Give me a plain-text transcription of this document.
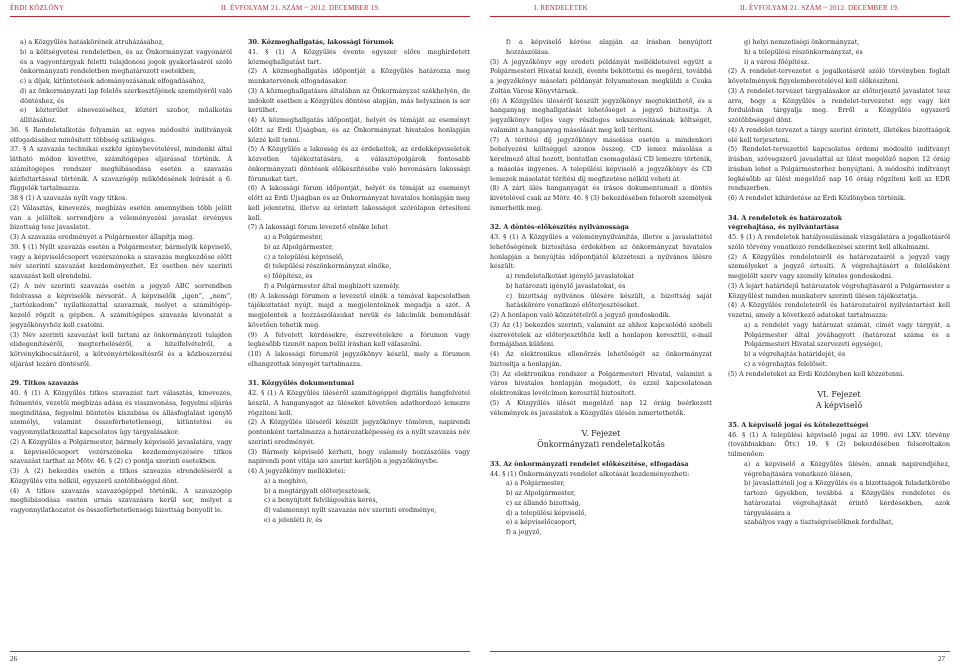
ÉRDI KÖZLÖNY	II. ÉVFOLYAM 21. SZÁM ~ 2012. DECEMBER 19.

a) a Közgyűlés hatáskörének átruházásához,

b) a költségvetési rendeletben, és az Önkormányzat vagyonáról és a vagyontárgyak feletti tulajdonosi jogok gyakorlásáról szóló önkormányzati rendeletben meghatározott esetekben,

c) a díjak, kitüntetések adományozásának elfogadásához,

d) az önkormányzati lap felelős szerkesztőjének személyéről való döntéshez, és

e) közterület elnevezéséhez, köztéri szobor, műalkotás állításához.

36. § Rendeletalkotás folyamán az egyes módosító indítványok elfogadásához minősített többség szükséges.

37. § A szavazás technikai eszköz igénybevételével, mindenki által látható módon kivetítve, számítógépes eljárással történik. A számítógépes rendszer meghibásodása esetén a szavazás kézfeltartással történik. A szavazógép működésének leírását a 6. függelék tartalmazza.

38 § (1) A szavazás nyílt vagy titkos.

(2) Választás, kinevezés, megbízás esetén amennyiben több jelölt van a jelöltek sorrendjére a véleményezési javaslat érvényes bizottság tesz javaslatot.

(3) A szavazás eredményét a Polgármester állapítja meg.

39. § (1) Nyílt szavazás esetén a Polgármester, bármelyik képviselő, vagy a képviselőcsoport vezérszónoka a szavazás megkezdése előtt név szerinti szavazást kezdeményezhet. Ez esetben név szerinti szavazást kell elrendelni.

(2) A név szerinti szavazás esetén a jegyző ABC sorrendben felolvassa a képviselők névsorát. A képviselők „igen”, „nem”, „tartózkodom” nyilatkozattal szavaznak, melyet a számítógép-kezelő rögzít a gépben. A számítógépes szavazás kivonatát a jegyzőkönyvhöz kell csatolni.

(3) Név szerinti szavazást kell tartani az önkormányzati tulajdon elidegenítéséről, megterheléséről, a hitelfelvételről, a kötvénykibocsátásról, a kötvényértékesítésről és a közbeszerzési eljárást lezáró döntésről.

29. Titkos szavazás

40. § (1) A Közgyűlés titkos szavazást tart választás, kinevezés, felmentés, vezetői megbízás adása és visszavonása, fegyelmi eljárás megindítása, fegyelmi büntetés kiszabása és állásfoglalást igénylő személyi, valamint összeférhetetlenségi, kitüntetési és vagyonnyilatkozattal kapcsolatos ügy tárgyalásakor.

(2) A Közgyűlés a Polgármester, bármely képviselő javaslatára, vagy a képviselőcsoport vezérszónoka kezdeményezésére titkos szavazást tarthat az Mötv. 46. § (2) c) pontja szerinti esetekben.

(3) A (2) bekezdés esetén a titkos szavazás elrendeléséről a Közgyűlés vita nélkül, egyszerű szótöbbséggel dönt.

(4) A titkos szavazás szavazógéppel történik. A szavazógép meghibásodása esetén urnás szavazásra kerül sor, melyet a vagyonnyilatkozatot és összeférhetetlenségi bizottság bonyolít le.

30. Közmeghallgatás, lakossági fórumok

41. § (1) A Közgyűlés évente egyszer előre meghirdetett közmeghallgatást tart.

(2) A közmeghallgatás időpontját a Közgyűlés határozza meg munkatervének elfogadásakor.

(3) A közmeghallgatásra általában az Önkormányzat székhelyén, de indokolt esetben a Közgyűlés döntése alapján, más helyszínen is sor kerülhet.

(4) A közmeghallgatás időpontját, helyét és témáját az eseményt előtt az Érdi Újságban, és az Önkormányzat hivatalos honlapján közzé kell tenni.

(5) A Közgyűlés a lakosság és az érdekeltek, az érdekképviseletek közvetlen tájékoztatására, a választópolgárok fontosabb önkormányzati döntések előkészítésébe való bevonására lakossági fórumokat tart.

(6) A lakossági fórum időpontját, helyét és témáját az eseményt előtt az Érdi Újságban és az Önkormányzat hivatalos honlapján meg kell jelentetni, illetve az érintett lakosságot szórólapon értesíteni kell.

(7) A lakossági fórum levezető elnöke lehet

a) a Polgármester,

b) az Alpolgármester,

c) a települési képviselő,

d) települési részönkormányzat elnöke,

e) főépítész, és

f) a Polgármester által megbízott személy.

(8) A lakossági fórumon a levezető elnök a témával kapcsolatban tájékoztatást nyújt, majd a megjelenteknek megadja a szót. A megjelentek a hozzászólásukat nevük és lakcímük bemondását követően tehetik meg.

(9) A felvetett kérdésekre, észrevételekre a fórumon vagy legkésőbb tizenöt napon belül írásban kell válaszolni.

(10) A lakossági fórumról jegyzőkönyv készül, mely a fórumon elhangzottak lényegét tartalmazza.

31. Közgyűlés dokumentumai

42. § (1) A Közgyűlés üléséről számítógéppel digitális hangfelvétel készül. A hanganyagot az üléseket követően adathordozó lemezre rögzíteni kell.

(2) A Közgyűlés üléséről készült jegyzőkönyv tömören, napirendi pontonként tartalmazza a határozatképesség és a nyílt szavazás név szerinti eredményét.

(3) Bármely képviselő kérheti, hogy valamely hozzászólás vagy napirendi pont vitája szó szerint kerüljön a jegyzőkönyvbe.

(4) A jegyzőkönyv mellékletei:

a) a meghívó,

b) a megtárgyalt előterjesztések,

c) a benyújtott felvilágosítás kérés,

d) valamennyi nyílt szavazás név szerinti eredménye,

e) a jelenléti ív, és

26
I. RENDELETEK	II. ÉVFOLYAM 21. SZÁM ~ 2012. DECEMBER 19.

f) a képviselő kérése alapján az írásban benyújtott hozzászólása.

(5) A jegyzőkönyv egy eredeti példányát mellékleteivel együtt a Polgármesteri Hivatal kezeli, évente beköttetni és megőrzi, továbbá a jegyzőkönyv másolati példányát folyamatosan megküldi a Csuka Zoltán Városi Könyvtárnak.

(6) A Közgyűlés üléséről készült jegyzőkönyv megtekinthető, és a hanganyag meghallgatását lehetőséget a jegyző biztosítja. A jegyzőkönyv teljes vagy részleges sokszorosításának költségét, valamint a hanganyag másolását meg kell téríteni.

(7) A térítési díj jegyzőkönyv másolása esetén a mindenkori behelyezési költséggel azonos összeg. CD lemez másolása a kérelmező által hozott, bontatlan csomagolású CD lemezre történik, a másolás ingyenes. A települési képviselő a jegyzőkönyv és CD lemezek másolatát térítési díj megfizetése nélkül veheti át.

(8) A zárt ülés hanganyagát és írásos dokumentumait a döntés kivételével csak az Mötv. 46. § (3) bekezdésében felsorolt személyek ismerhetik meg.

32. A döntés-előkészítés nyilvánossága

43. § (1) A Közgyűlés a véleménynyilvánítás, illetve a javaslattétel lehetőségének biztosítása érdekében az önkormányzat hivatalos honlapján a benyújtás időpontjától közzéteszi a nyilvános ülésre készült:

a) rendeletalkotást igénylő javaslatokat

b) határozati igénylő javaslatokat, és

c) bizottság nyilvános ülésére készült, a bizottság saját hatáskörére vonatkozó előterjesztéseket.

(2) A honlapon való közzétételről a jegyző gondoskodik.

(3) Az (1) bekezdés szerinti, valamint az ahhoz kapcsolódó szóbeli észrevételek az előterjesztőhöz kell a honlapon keresztül, e-mail formájában küldeni.

(4) Az elektronikus ellenőrzés lehetőségét az önkormányzat biztosítja a honlapján.

(5) Az elektronikus rendszer a Polgármesteri Hivatal, valamint a város hivatalos honlapján megadott, és ezzel kapcsolatosan elektronikus levélcímen keresztül biztosított.

(5) A Közgyűlés ülését megelőző nap 12 óráig beérkezett vélemények és javaslatok a Közgyűlés ülésén ismertethetők.

V. Fejezet

Önkormányzati rendeletalkotás

33. Az önkormányzati rendelet előkészítése, elfogadása

44. § (1) Önkormányzati rendelet alkotását kezdeményezheti:

a) a Polgármester,

b) az Alpolgármester,

c) az állandó bizottság,

d) a települési képviselő,

e) a képviselőcsoport,

f) a jegyző,

g) helyi nemzetiségi önkormányzat,

h) a települési részönkormányzat, és

i) a városi főépítész.

(2) A rendelet-tervezetet a jogalkotásról szóló törvényben foglalt követelmények figyelembevételével kell előkészíteni.

(3) A rendelet-tervezet tárgyalásakor az előterjesztő javaslatot tesz arra, hogy a Közgyűlés a rendelet-tervezetet egy vagy két fordulóban tárgyalja meg. Erről a Közgyűlés egyszerű szótöbbséggel dönt.

(4) A rendelet-tervezet a tárgy szerint érintett, illetékes bizottságok elé kell terjeszteni.

(5) Rendelet-tervezettel kapcsolatos érdemi módosító indítványt írásban, szövegszerű javaslattal az ülést megelőző napon 12 óráig írásban lehet a Polgármesterhez benyújtani. A módosító indítványt legkésőbb az ülést megelőző nap 16 óráig rögzíteni kell az EDR rendszerben.

(6) A rendelet kihirdetése az Érdi Közlönyben történik.

34. A rendeletek és határozatok

végrehajtása, és nyilvántartása

45. § (1) A rendeletek hatályosulásának vizsgálatára a jogalkotásról szóló törvény vonatkozó rendelkezései szerint kell alkalmazni.

(2) A Közgyűlés rendeleteiről és határozatairól a jegyző vagy személyeket a jegyző értesíti. A végrehajtásért a felelősként megjelölt szerv vagy személy köteles gondoskodni.

(3) A lejárt határidejű határozatok végrehajtásáról a Polgármester a Közgyűlést minden munkaterv szerinti ülésen tájékoztatja.

(4) A Közgyűlés rendeleteiről és határozatairól nyilvántartást kell vezetni, amely a következő adatokat tartalmazza:

a) a rendelet vagy határozat számát, címét vagy tárgyát, a Polgármester által jóváhagyott (határozat száma és a Polgármesteri Hivatal szervezeti egysége),

b) a végrehajtás határidejét, és

c) a végrehajtás felelősét.

(5) A rendeleteket az Érdi Közlönyben kell közzétenni.

VI. Fejezet

A képviselő

35. A képviselő jogai és kötelezettségei

46. § (1) A települési képviselő jogai az 1990. évi LXV. törvény (továbbiakban: Ötv.) 19. § (2) bekezdésében felsoroltakon túlmenően:

a) a képviselő a Közgyűlés ülésén, annak napirendjéhez, végrehajtására vonatkozó ülésen,

b) javaslattételi jog a Közgyűlés és a bizottságok feladatkörébe tartozó ügyekben, továbbá a Közgyűlés rendeletei és határozatai végrehajtását érintő kérdésekben, azok tárgyalására a

szabályos vagy a tisztségviselőknek fordulhat,

27
